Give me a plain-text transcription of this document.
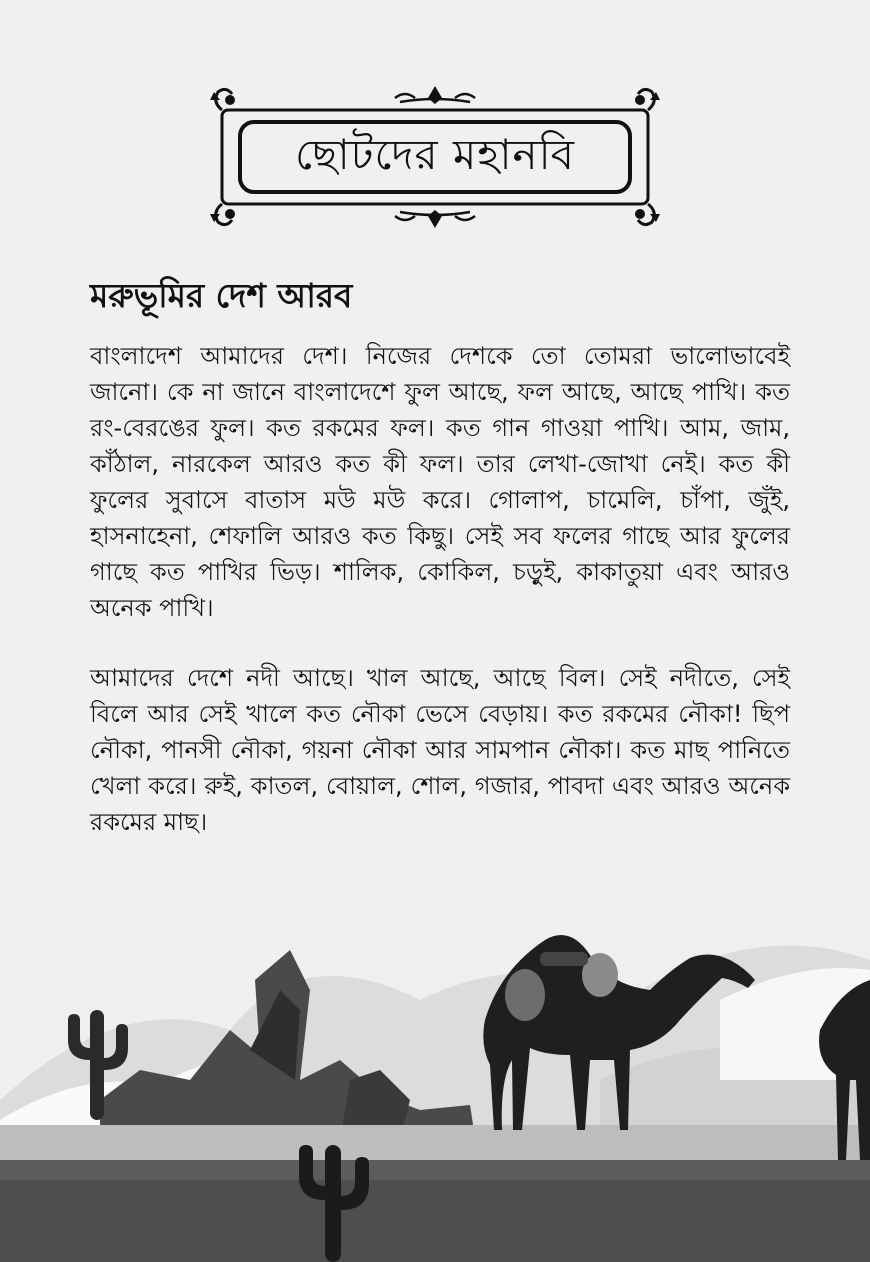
ছোটদের মহানবি
মরুভূমির দেশ আরব

বাংলাদেশ আমাদের দেশ। নিজের দেশকে তো তোমরা ভালোভাবেই জানো। কে না জানে বাংলাদেশে ফুল আছে, ফল আছে, আছে পাখি। কত রং-বেরঙের ফুল। কত রকমের ফল। কত গান গাওয়া পাখি। আম, জাম, কাঁঠাল, নারকেল আরও কত কী ফল। তার লেখা-জোখা নেই। কত কী ফুলের সুবাসে বাতাস মউ মউ করে। গোলাপ, চামেলি, চাঁপা, জুঁই, হাসনাহেনা, শেফালি আরও কত কিছু। সেই সব ফলের গাছে আর ফুলের গাছে কত পাখির ভিড়। শালিক, কোকিল, চড়ুই, কাকাতুয়া এবং আরও অনেক পাখি।

আমাদের দেশে নদী আছে। খাল আছে, আছে বিল। সেই নদীতে, সেই বিলে আর সেই খালে কত নৌকা ভেসে বেড়ায়। কত রকমের নৌকা! ছিপ নৌকা, পানসী নৌকা, গয়না নৌকা আর সামপান নৌকা। কত মাছ পানিতে খেলা করে। রুই, কাতল, বোয়াল, শোল, গজার, পাবদা এবং আরও অনেক রকমের মাছ।
